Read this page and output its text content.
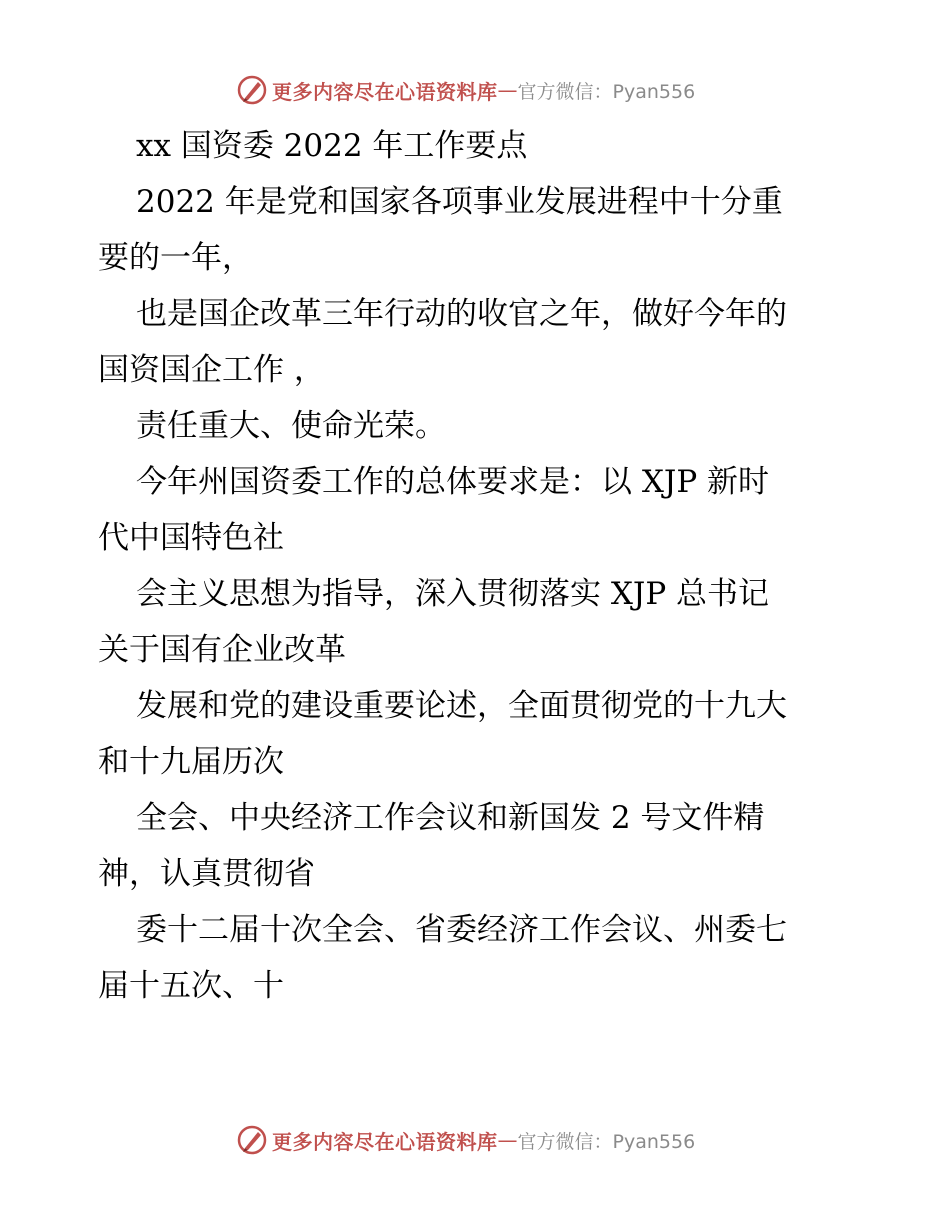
更多内容尽在心语资料库 — 官方微信：Pyan556
xx 国资委 2022 年工作要点
2022 年是党和国家各项事业发展进程中十分重
要的一年，
也是国企改革三年行动的收官之年，做好今年的
国资国企工作 ，
责任重大、使命光荣。
今年州国资委工作的总体要求是：以 XJP 新时
代中国特色社
会主义思想为指导，深入贯彻落实 XJP 总书记
关于国有企业改革
发展和党的建设重要论述，全面贯彻党的十九大
和十九届历次
全会、中央经济工作会议和新国发 2 号文件精
神，认真贯彻省
委十二届十次全会、省委经济工作会议、州委七
届十五次、十
更多内容尽在心语资料库 — 官方微信：Pyan556
